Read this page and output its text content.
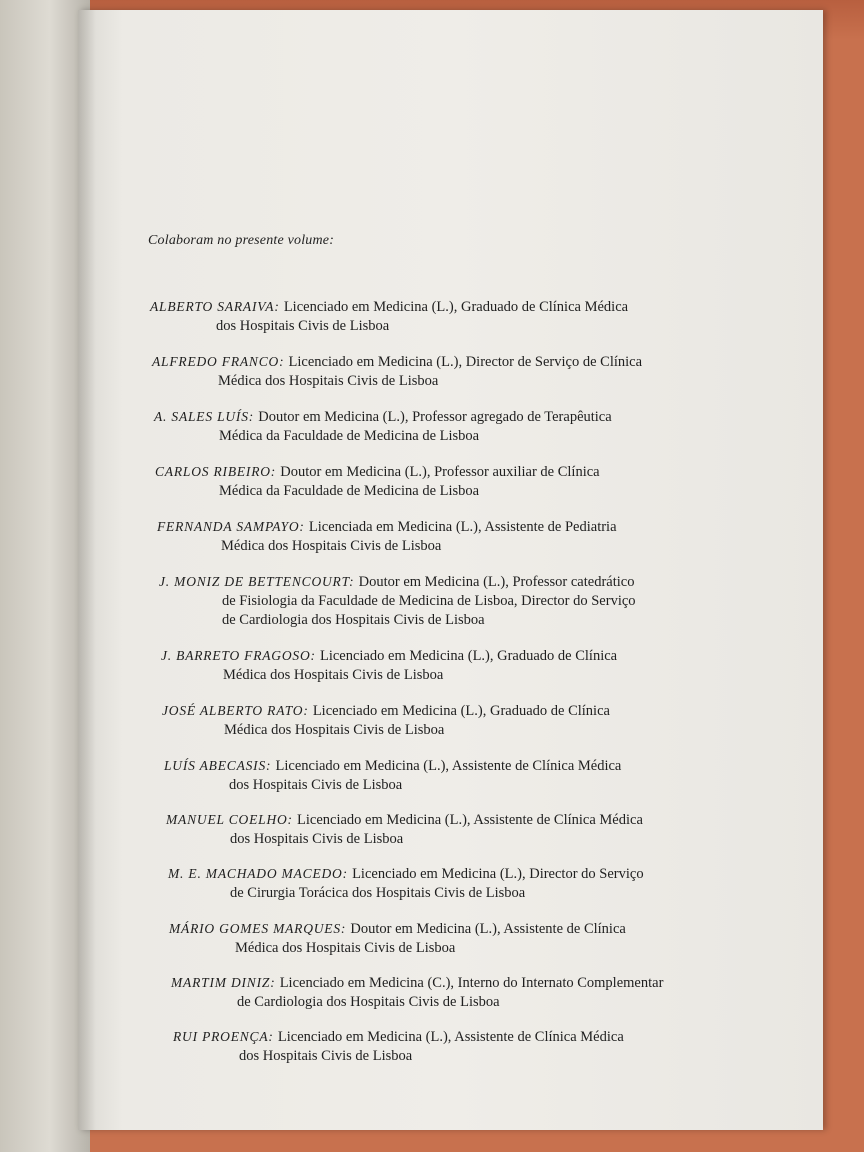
Colaboram no presente volume:
ALBERTO SARAIVA: Licenciado em Medicina (L.), Graduado de Clínica Médica
dos Hospitais Civis de Lisboa
ALFREDO FRANCO: Licenciado em Medicina (L.), Director de Serviço de Clínica
Médica dos Hospitais Civis de Lisboa
A. SALES LUÍS: Doutor em Medicina (L.), Professor agregado de Terapêutica
Médica da Faculdade de Medicina de Lisboa
CARLOS RIBEIRO: Doutor em Medicina (L.), Professor auxiliar de Clínica
Médica da Faculdade de Medicina de Lisboa
FERNANDA SAMPAYO: Licenciada em Medicina (L.), Assistente de Pediatria
Médica dos Hospitais Civis de Lisboa
J. MONIZ DE BETTENCOURT: Doutor em Medicina (L.), Professor catedrático
de Fisiologia da Faculdade de Medicina de Lisboa, Director do Serviço
de Cardiologia dos Hospitais Civis de Lisboa
J. BARRETO FRAGOSO: Licenciado em Medicina (L.), Graduado de Clínica
Médica dos Hospitais Civis de Lisboa
JOSÉ ALBERTO RATO: Licenciado em Medicina (L.), Graduado de Clínica
Médica dos Hospitais Civis de Lisboa
LUÍS ABECASIS: Licenciado em Medicina (L.), Assistente de Clínica Médica
dos Hospitais Civis de Lisboa
MANUEL COELHO: Licenciado em Medicina (L.), Assistente de Clínica Médica
dos Hospitais Civis de Lisboa
M. E. MACHADO MACEDO: Licenciado em Medicina (L.), Director do Serviço
de Cirurgia Torácica dos Hospitais Civis de Lisboa
MÁRIO GOMES MARQUES: Doutor em Medicina (L.), Assistente de Clínica
Médica dos Hospitais Civis de Lisboa
MARTIM DINIZ: Licenciado em Medicina (C.), Interno do Internato Complementar
de Cardiologia dos Hospitais Civis de Lisboa
RUI PROENÇA: Licenciado em Medicina (L.), Assistente de Clínica Médica
dos Hospitais Civis de Lisboa
